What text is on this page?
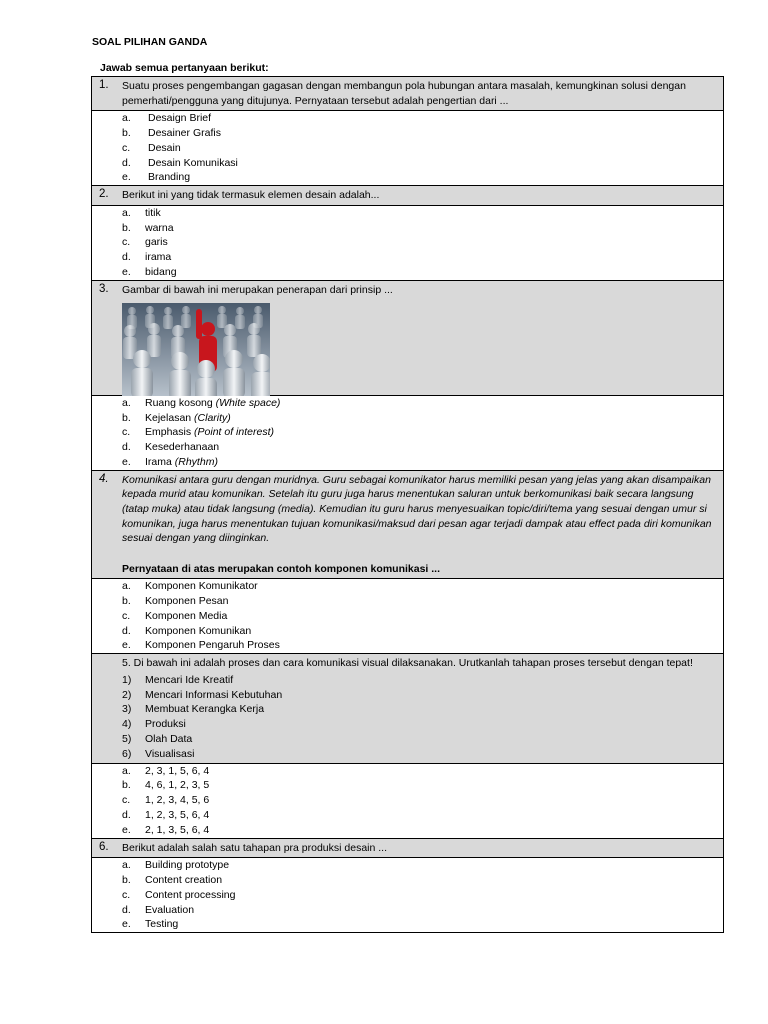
SOAL PILIHAN GANDA
Jawab semua pertanyaan berikut:
1.	Suatu proses pengembangan gagasan dengan membangun pola hubungan antara masalah, kemungkinan solusi dengan pemerhati/pengguna yang ditujunya. Pernyataan tersebut adalah pengertian dari ...
a. Desaign Brief
b. Desainer Grafis
c. Desain
d. Desain Komunikasi
e. Branding
2.	Berikut ini yang tidak termasuk elemen desain adalah...
a. titik
b. warna
c. garis
d. irama
e. bidang
3.	Gambar di bawah ini merupakan penerapan dari prinsip ...
a. Ruang kosong (White space)
b. Kejelasan (Clarity)
c. Emphasis (Point of interest)
d. Kesederhanaan
e. Irama (Rhythm)
4.	Komunikasi antara guru dengan muridnya. Guru sebagai komunikator harus memiliki pesan yang jelas yang akan disampaikan kepada murid atau komunikan. Setelah itu guru juga harus menentukan saluran untuk berkomunikasi baik secara langsung (tatap muka) atau tidak langsung (media). Kemudian itu guru harus menyesuaikan topic/diri/tema yang sesuai dengan umur si komunikan, juga harus menentukan tujuan komunikasi/maksud dari pesan agar terjadi dampak atau effect pada diri komunikan sesuai dengan yang diinginkan.
Pernyataan di atas merupakan contoh komponen komunikasi ...
a. Komponen Komunikator
b. Komponen Pesan
c. Komponen Media
d. Komponen Komunikan
e. Komponen Pengaruh Proses
5. Di bawah ini adalah proses dan cara komunikasi visual dilaksanakan. Urutkanlah tahapan proses tersebut dengan tepat!
1) Mencari Ide Kreatif
2) Mencari Informasi Kebutuhan
3) Membuat Kerangka Kerja
4) Produksi
5) Olah Data
6) Visualisasi
a. 2, 3, 1, 5, 6, 4
b. 4, 6, 1, 2, 3, 5
c. 1, 2, 3, 4, 5, 6
d. 1, 2, 3, 5, 6, 4
e. 2, 1, 3, 5, 6, 4
6.	Berikut adalah salah satu tahapan pra produksi desain ...
a. Building prototype
b. Content creation
c. Content processing
d. Evaluation
e. Testing
